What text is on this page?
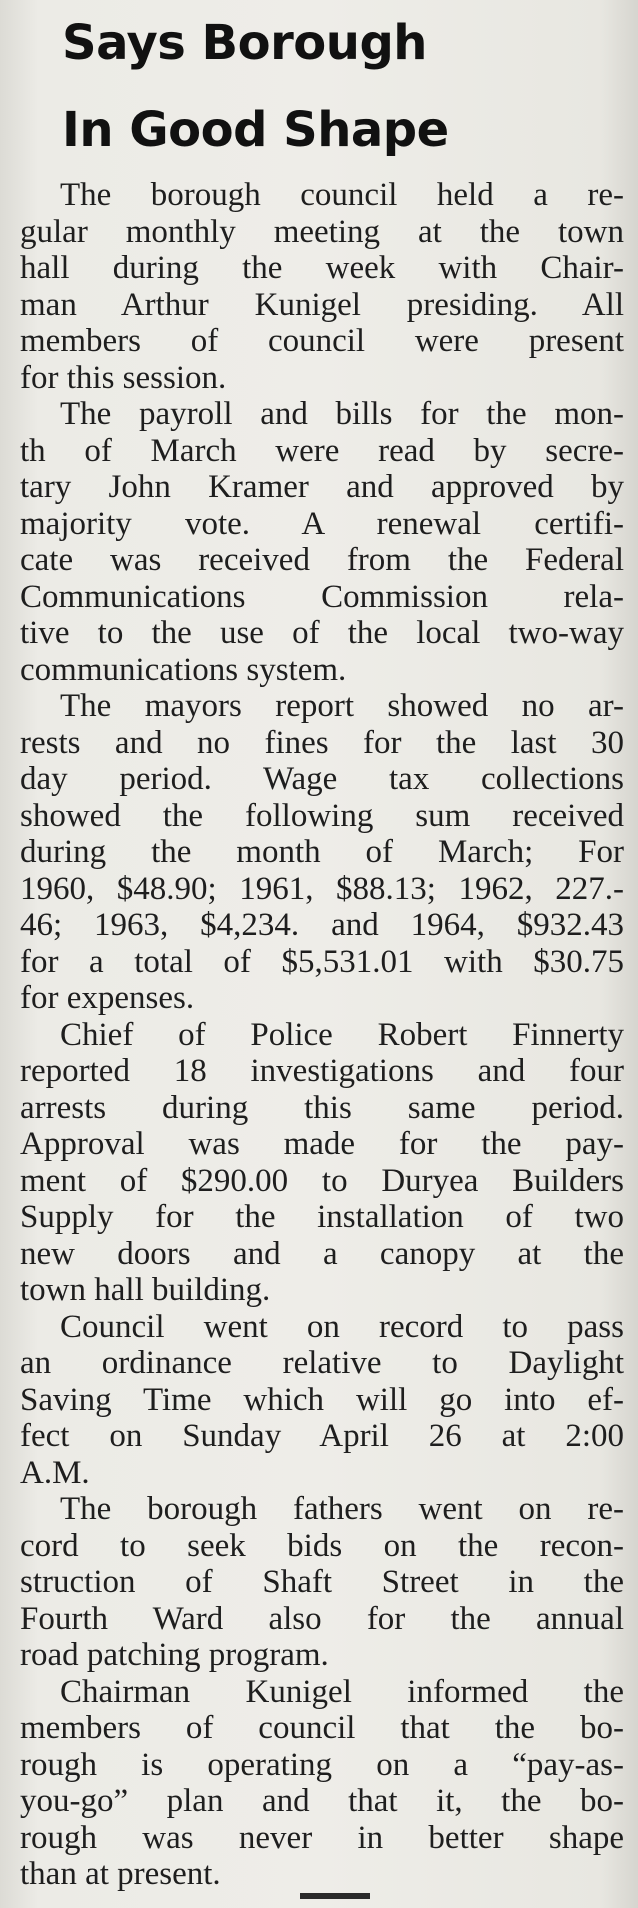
Says Borough
In Good Shape
The borough council held a re-
gular monthly meeting at the town
hall during the week with Chair-
man Arthur Kunigel presiding. All
members of council were present
for this session.
The payroll and bills for the mon-
th of March were read by secre-
tary John Kramer and approved by
majority vote. A renewal certifi-
cate was received from the Federal
Communications Commission rela-
tive to the use of the local two-way
communications system.
The mayors report showed no ar-
rests and no fines for the last 30
day period. Wage tax collections
showed the following sum received
during the month of March; For
1960, $48.90; 1961, $88.13; 1962, 227.-
46; 1963, $4,234. and 1964, $932.43
for a total of $5,531.01 with $30.75
for expenses.
Chief of Police Robert Finnerty
reported 18 investigations and four
arrests during this same period.
Approval was made for the pay-
ment of $290.00 to Duryea Builders
Supply for the installation of two
new doors and a canopy at the
town hall building.
Council went on record to pass
an ordinance relative to Daylight
Saving Time which will go into ef-
fect on Sunday April 26 at 2:00
A.M.
The borough fathers went on re-
cord to seek bids on the recon-
struction of Shaft Street in the
Fourth Ward also for the annual
road patching program.
Chairman Kunigel informed the
members of council that the bo-
rough is operating on a “pay-as-
you-go” plan and that it, the bo-
rough was never in better shape
than at present.
